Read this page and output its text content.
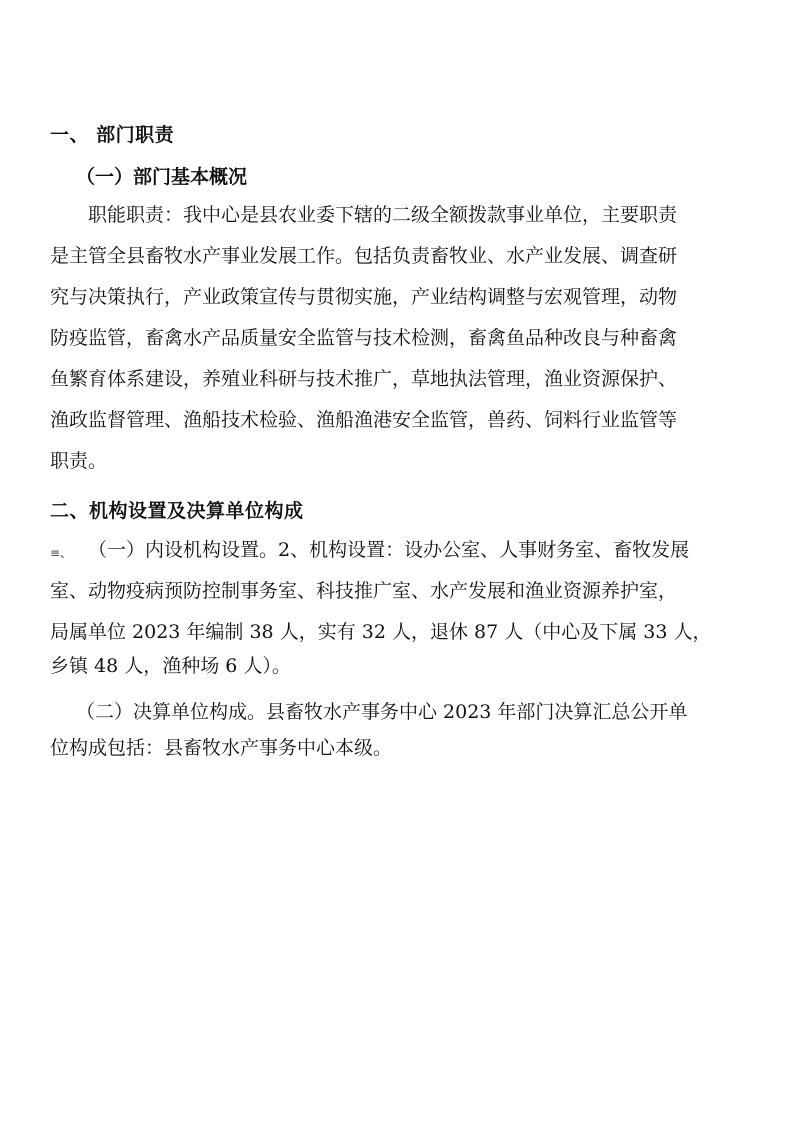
一、 部门职责
（一）部门基本概况
职能职责：我中心是县农业委下辖的二级全额拨款事业单位，主要职责
是主管全县畜牧水产事业发展工作。包括负责畜牧业、水产业发展、调查研
究与决策执行，产业政策宣传与贯彻实施，产业结构调整与宏观管理，动物
防疫监管，畜禽水产品质量安全监管与技术检测，畜禽鱼品种改良与种畜禽
鱼繁育体系建设，养殖业科研与技术推广，草地执法管理，渔业资源保护、
渔政监督管理、渔船技术检验、渔船渔港安全监管，兽药、饲料行业监管等
职责。
二、机构设置及决算单位构成
≡、 （一）内设机构设置。2、机构设置：设办公室、人事财务室、畜牧发展
室、动物疫病预防控制事务室、科技推广室、水产发展和渔业资源养护室，
局属单位 2023 年编制 38 人，实有 32 人，退休 87 人（中心及下属 33 人，
乡镇 48 人，渔种场 6 人）。
（二）决算单位构成。县畜牧水产事务中心 2023 年部门决算汇总公开单
位构成包括：县畜牧水产事务中心本级。
